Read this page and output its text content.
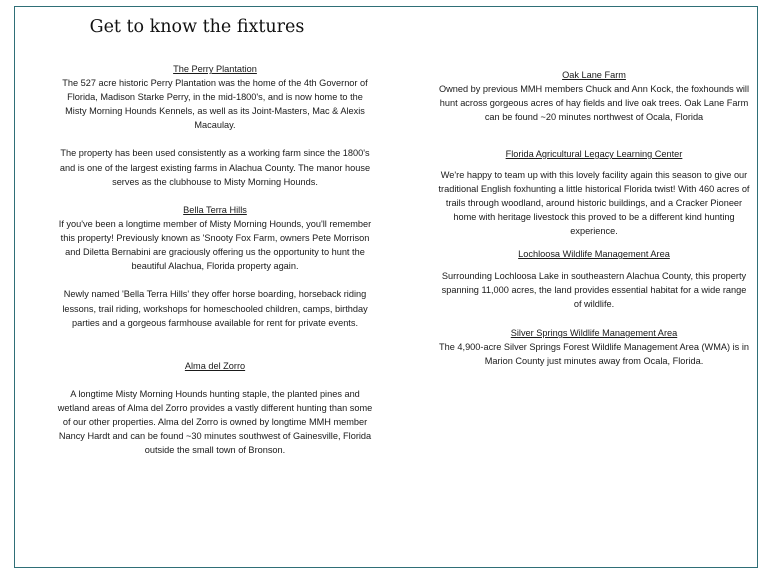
Get to know the fixtures

The Perry Plantation

The 527 acre historic Perry Plantation was the home of the 4th Governor of Florida, Madison Starke Perry, in the mid-1800's, and is now home to the Misty Morning Hounds Kennels, as well as its Joint-Masters, Mac & Alexis Macaulay.

The property has been used consistently as a working farm since the 1800's and is one of the largest existing farms in Alachua County. The manor house serves as the clubhouse to Misty Morning Hounds.

Bella Terra Hills

If you've been a longtime member of Misty Morning Hounds, you'll remember this property! Previously known as 'Snooty Fox Farm, owners Pete Morrison and Diletta Bernabini are graciously offering us the opportunity to hunt the beautiful Alachua, Florida property again.

Newly named 'Bella Terra Hills' they offer horse boarding, horseback riding lessons, trail riding, workshops for homeschooled children, camps, birthday parties and a gorgeous farmhouse available for rent for private events.

Alma del Zorro

A longtime Misty Morning Hounds hunting staple, the planted pines and wetland areas of Alma del Zorro provides a vastly different hunting than some of our other properties. Alma del Zorro is owned by longtime MMH member Nancy Hardt and can be found ~30 minutes southwest of Gainesville, Florida outside the small town of Bronson.

Oak Lane Farm

Owned by previous MMH members Chuck and Ann Kock, the foxhounds will hunt across gorgeous acres of hay fields and live oak trees. Oak Lane Farm can be found ~20 minutes northwest of Ocala, Florida

Florida Agricultural Legacy Learning Center

We're happy to team up with this lovely facility again this season to give our traditional English foxhunting a little historical Florida twist! With 460 acres of trails through woodland, around historic buildings, and a Cracker Pioneer home with heritage livestock this proved to be a different kind hunting experience.

Lochloosa Wildlife Management Area

Surrounding Lochloosa Lake in southeastern Alachua County, this property spanning 11,000 acres, the land provides essential habitat for a wide range of wildlife.

Silver Springs Wildlife Management Area

The 4,900-acre Silver Springs Forest Wildlife Management Area (WMA) is in Marion County just minutes away from Ocala, Florida.
